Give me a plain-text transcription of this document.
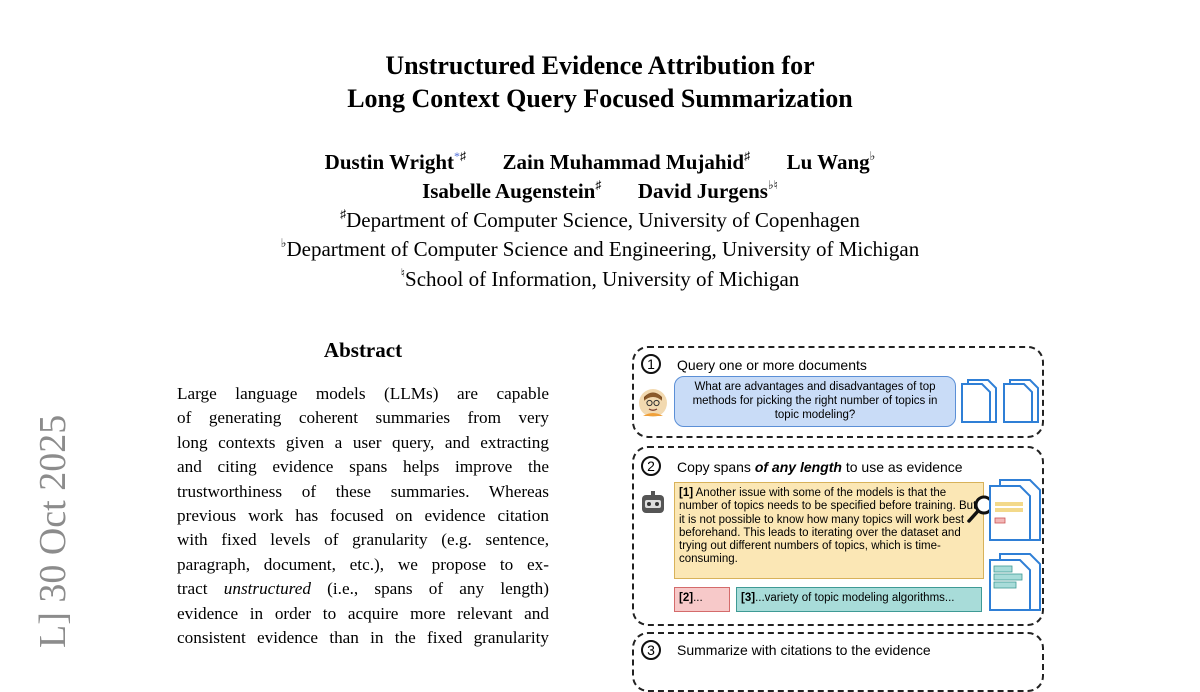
Unstructured Evidence Attribution for
Long Context Query Focused Summarization
Dustin Wright*♯ Zain Muhammad Mujahid♯ Lu Wang♭
Isabelle Augenstein♯ David Jurgens♭♮
♯Department of Computer Science, University of Copenhagen
♭Department of Computer Science and Engineering, University of Michigan
♮School of Information, University of Michigan
L] 30 Oct 2025
Abstract

Large language models (LLMs) are capable

of generating coherent summaries from very

long contexts given a user query, and extracting

and citing evidence spans helps improve the

trustworthiness of these summaries. Whereas

previous work has focused on evidence citation

with fixed levels of granularity (e.g. sentence,

paragraph, document, etc.), we propose to ex-

tract unstructured (i.e., spans of any length)

evidence in order to acquire more relevant and

consistent evidence than in the fixed granularity

1	Query one or more documents
What are advantages and disadvantages of top methods for picking the right number of topics in topic modeling?
2	Copy spans of any length to use as evidence
[1] Another issue with some of the models is that the number of topics needs to be specified before training. But it is not possible to know how many topics will work best beforehand. This leads to iterating over the dataset and trying out different numbers of topics, which is time-consuming.
[2]...	[3]...variety of topic modeling algorithms...
3	Summarize with citations to the evidence
